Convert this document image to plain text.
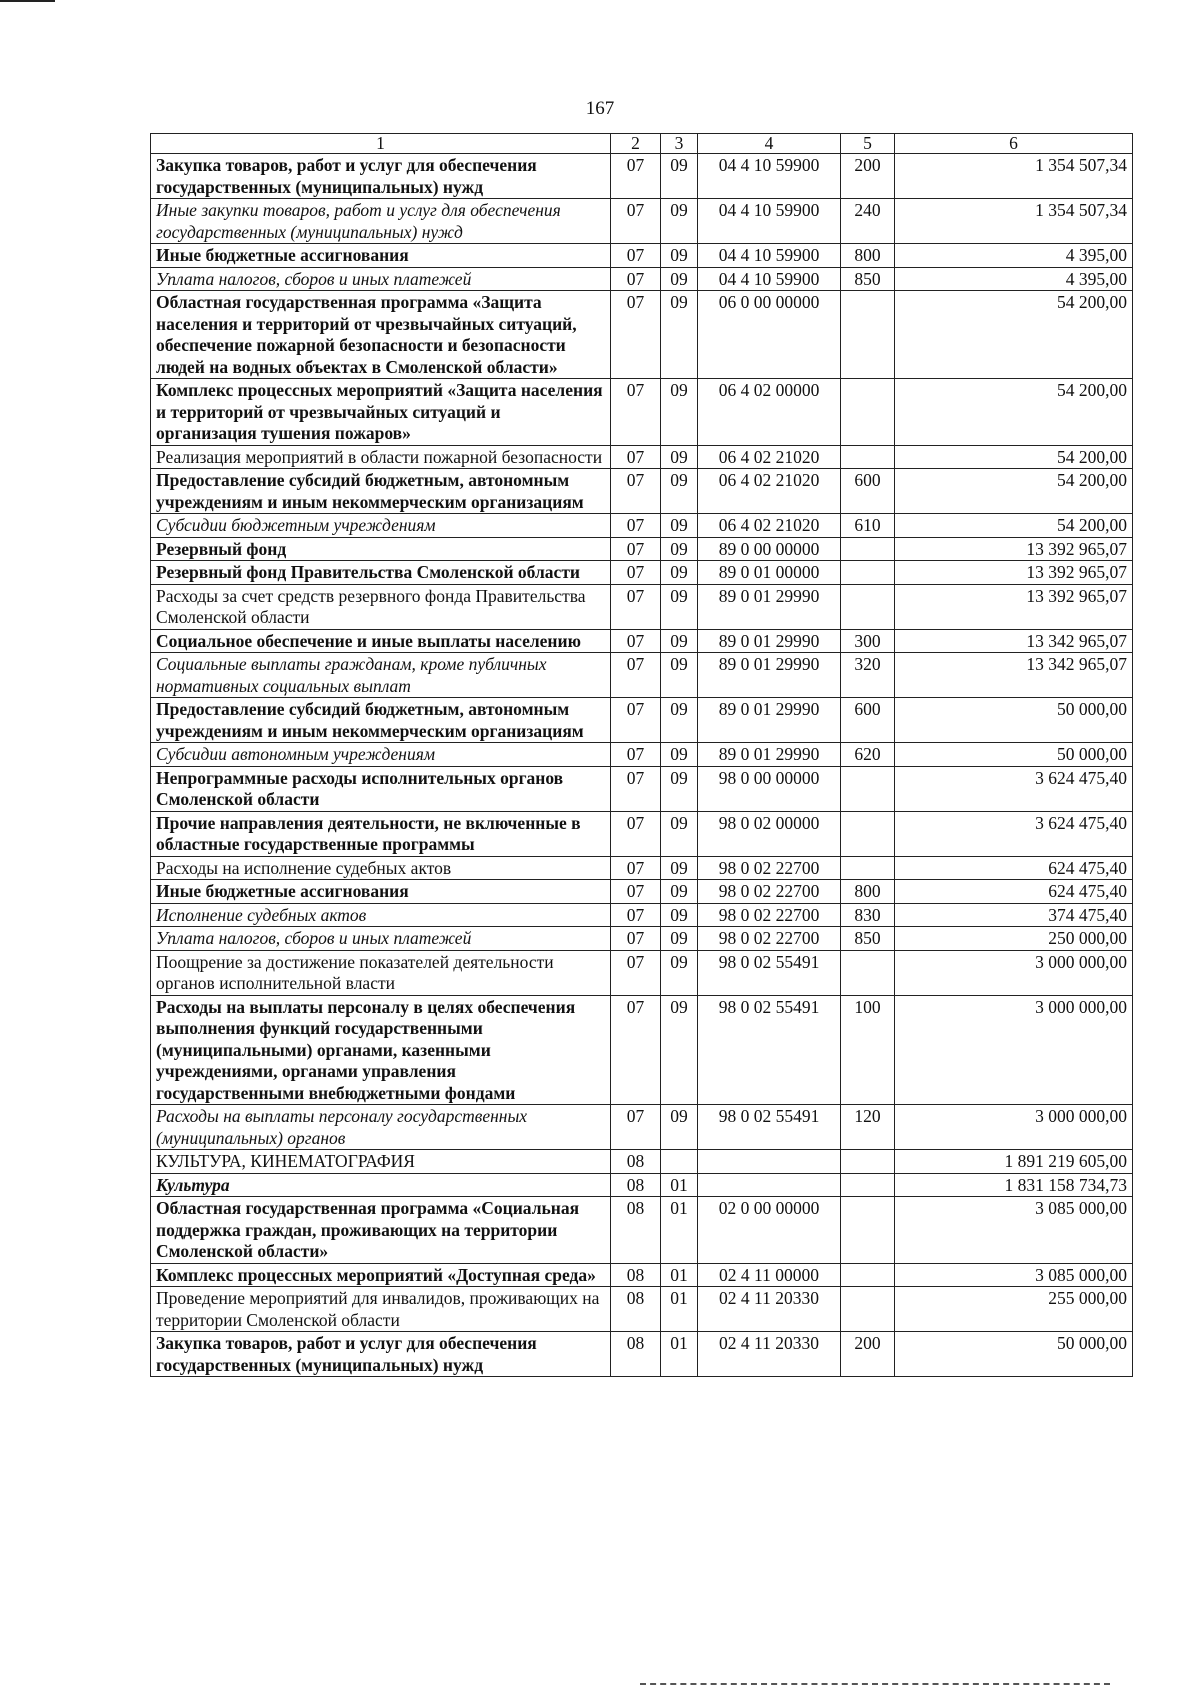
167
1	2	3	4	5	6
Закупка товаров, работ и услуг для обеспечения государственных (муниципальных) нужд	07	09	04 4 10 59900	200	1 354 507,34
Иные закупки товаров, работ и услуг для обеспечения государственных (муниципальных) нужд	07	09	04 4 10 59900	240	1 354 507,34
Иные бюджетные ассигнования	07	09	04 4 10 59900	800	4 395,00
Уплата налогов, сборов и иных платежей	07	09	04 4 10 59900	850	4 395,00
Областная государственная программа «Защита населения и территорий от чрезвычайных ситуаций, обеспечение пожарной безопасности и безопасности людей на водных объектах в Смоленской области»	07	09	06 0 00 00000		54 200,00
Комплекс процессных мероприятий «Защита населения и территорий от чрезвычайных ситуаций и организация тушения пожаров»	07	09	06 4 02 00000		54 200,00
Реализация мероприятий в области пожарной безопасности	07	09	06 4 02 21020		54 200,00
Предоставление субсидий бюджетным, автономным учреждениям и иным некоммерческим организациям	07	09	06 4 02 21020	600	54 200,00
Субсидии бюджетным учреждениям	07	09	06 4 02 21020	610	54 200,00
Резервный фонд	07	09	89 0 00 00000		13 392 965,07
Резервный фонд Правительства Смоленской области	07	09	89 0 01 00000		13 392 965,07
Расходы за счет средств резервного фонда Правительства Смоленской области	07	09	89 0 01 29990		13 392 965,07
Социальное обеспечение и иные выплаты населению	07	09	89 0 01 29990	300	13 342 965,07
Социальные выплаты гражданам, кроме публичных нормативных социальных выплат	07	09	89 0 01 29990	320	13 342 965,07
Предоставление субсидий бюджетным, автономным учреждениям и иным некоммерческим организациям	07	09	89 0 01 29990	600	50 000,00
Субсидии автономным учреждениям	07	09	89 0 01 29990	620	50 000,00
Непрограммные расходы исполнительных органов Смоленской области	07	09	98 0 00 00000		3 624 475,40
Прочие направления деятельности, не включенные в областные государственные программы	07	09	98 0 02 00000		3 624 475,40
Расходы на исполнение судебных актов	07	09	98 0 02 22700		624 475,40
Иные бюджетные ассигнования	07	09	98 0 02 22700	800	624 475,40
Исполнение судебных актов	07	09	98 0 02 22700	830	374 475,40
Уплата налогов, сборов и иных платежей	07	09	98 0 02 22700	850	250 000,00
Поощрение за достижение показателей деятельности органов исполнительной власти	07	09	98 0 02 55491		3 000 000,00
Расходы на выплаты персоналу в целях обеспечения выполнения функций государственными (муниципальными) органами, казенными учреждениями, органами управления государственными внебюджетными фондами	07	09	98 0 02 55491	100	3 000 000,00
Расходы на выплаты персоналу государственных (муниципальных) органов	07	09	98 0 02 55491	120	3 000 000,00
КУЛЬТУРА, КИНЕМАТОГРАФИЯ	08				1 891 219 605,00
Культура	08	01			1 831 158 734,73
Областная государственная программа «Социальная поддержка граждан, проживающих на территории Смоленской области»	08	01	02 0 00 00000		3 085 000,00
Комплекс процессных мероприятий «Доступная среда»	08	01	02 4 11 00000		3 085 000,00
Проведение мероприятий для инвалидов, проживающих на территории Смоленской области	08	01	02 4 11 20330		255 000,00
Закупка товаров, работ и услуг для обеспечения государственных (муниципальных) нужд	08	01	02 4 11 20330	200	50 000,00
